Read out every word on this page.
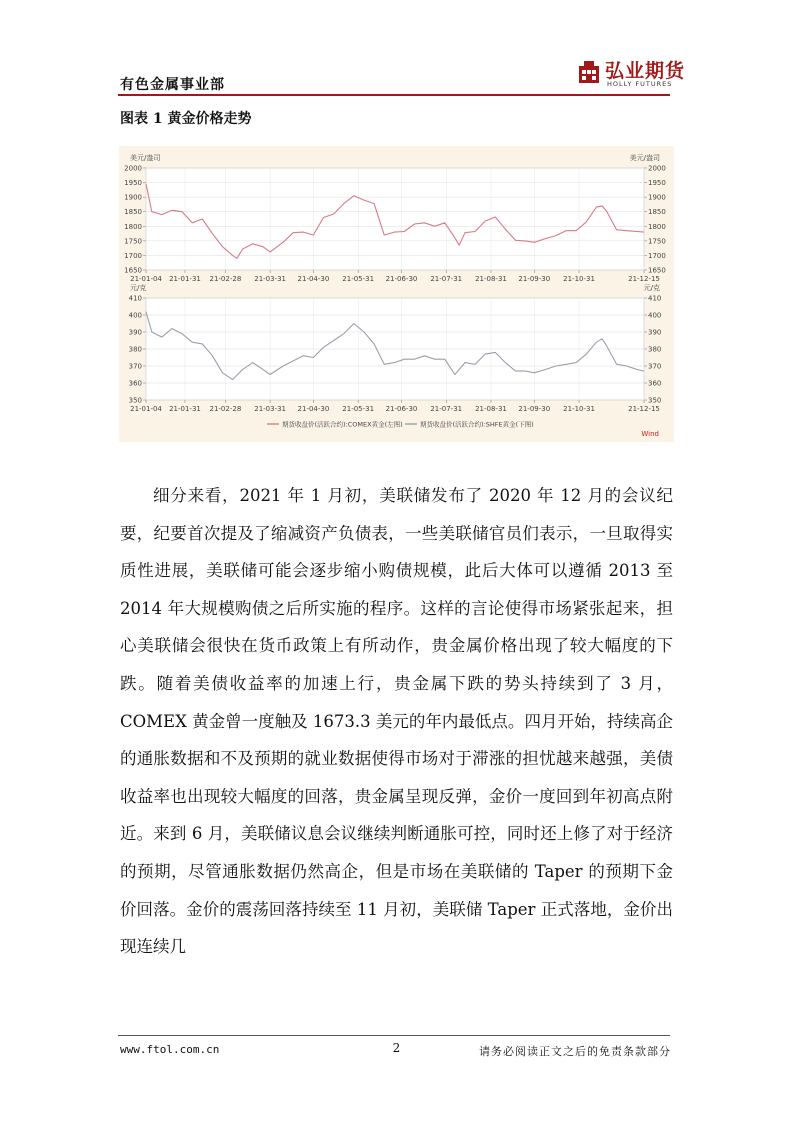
有色金属事业部
弘业期货
HOLLY FUTURES
图表 1 黄金价格走势
1650	1650
1700	1700
1750	1750
1800	1800
1850	1850
1900	1900
1950	1950
2000	2000
21-01-04 21-01-31 21-02-28 21-03-31 21-04-30 21-05-31 21-06-30 21-07-31 21-08-31 21-09-30 21-10-31	21-12-15
美元/盎司	美元/盎司
350	350
360	360
370	370
380	380
390	390
400	400
410	410
21-01-04 21-01-31 21-02-28 21-03-31 21-04-30 21-05-31 21-06-30 21-07-31 21-08-31 21-09-30 21-10-31	21-12-15
元/克	元/克
期货收盘价(活跃合约):COMEX黄金(左图)	期货收盘价(活跃合约):SHFE黄金(下图)
Wind

细分来看，2021 年 1 月初，美联储发布了 2020 年 12 月的会议纪要，纪要首次提及了缩减资产负债表，一些美联储官员们表示，一旦取得实质性进展，美联储可能会逐步缩小购债规模，此后大体可以遵循 2013 至 2014 年大规模购债之后所实施的程序。这样的言论使得市场紧张起来，担心美联储会很快在货币政策上有所动作，贵金属价格出现了较大幅度的下跌。随着美债收益率的加速上行，贵金属下跌的势头持续到了 3 月，COMEX 黄金曾一度触及 1673.3 美元的年内最低点。四月开始，持续高企的通胀数据和不及预期的就业数据使得市场对于滞涨的担忧越来越强，美债收益率也出现较大幅度的回落，贵金属呈现反弹，金价一度回到年初高点附近。来到 6 月，美联储议息会议继续判断通胀可控，同时还上修了对于经济的预期，尽管通胀数据仍然高企，但是市场在美联储的 Taper 的预期下金价回落。金价的震荡回落持续至 11 月初，美联储 Taper 正式落地，金价出现连续几

www.ftol.com.cn	2	请务必阅读正文之后的免责条款部分
